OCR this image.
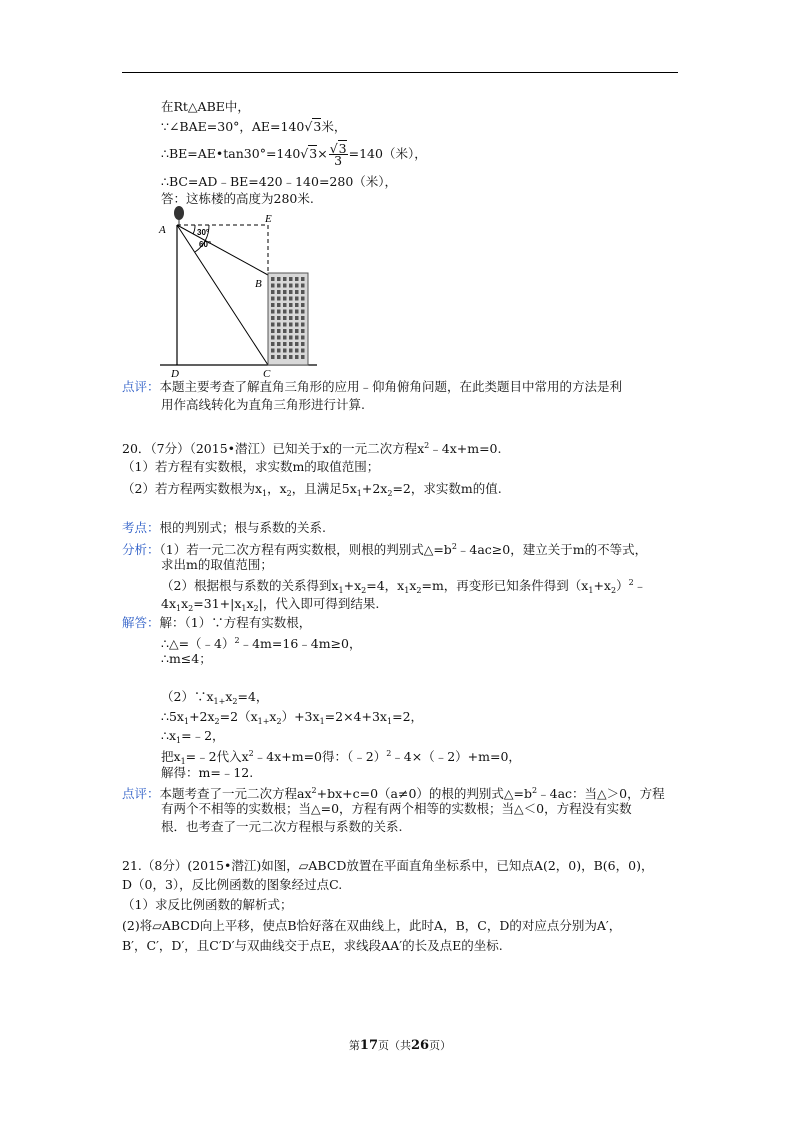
在Rt△ABE中，
∵∠BAE=30°，AE=140√3米，
∴BE=AE•tan30°=140√3× $\frac{√3}{3} =140$（米），
∴BC=AD﹣BE=420﹣140=280（米），
答：这栋楼的高度为280米.
A
E
B
D	C
30°
60°
点评：本题主要考查了解直角三角形的应用﹣仰角俯角问题，在此类题目中常用的方法是利
用作高线转化为直角三角形进行计算.
20．（7分）（2015•潜江）已知关于x的一元二次方程$x^2﹣4x+m=0$.
（1）若方程有实数根，求实数m的取值范围；
（2）若方程两实数根为$x_1$，$x_2$，且满足$5x_1+2x_2=2$，求实数m的值.
考点：根的判别式；根与系数的关系.
分析：（1）若一元二次方程有两实数根，则根的判别式$\triangle=b^2﹣4ac\ge 0$，建立关于m的不等式，
求出m的取值范围；
（2）根据根与系数的关系得到$x_1+x_2=4$，$x_1x_2=m$，再变形已知条件得到$(x_1+x_2)^2﹣$
$4x_1x_2=31+|x_1x_2|$，代入即可得到结果.
解答：解：（1）∵方程有实数根，
∴△=（﹣4）$^2$﹣4m=16﹣4m≥0，
∴m≤4；
$(2)\because x_{1+}x_2=4$，
$\therefore 5x_1+2x_2=2(x_{1+}x_2)+3x_1=2\times 4+3x_1=2$，
$\therefore x_1=﹣2$，
把$x_1=﹣2$代入$x^2﹣4x+m=0$得：（﹣2）$^2$﹣4×（﹣2）+m=0，
解得：m=﹣12.
点评：本题考查了一元二次方程$ax^2+bx+c=0(a\ne 0)$的根的判别式$\triangle=b^2﹣4ac$：当△＞0，方程
有两个不相等的实数根；当△=0，方程有两个相等的实数根；当△＜0，方程没有实数
根．也考查了一元二次方程根与系数的关系.
21.（8分）(2015•潜江)如图，▱ABCD放置在平面直角坐标系中，已知点A(2，0)，B(6，0)，
D（0，3），反比例函数的图象经过点C.
（1）求反比例函数的解析式；
(2)将▱ABCD向上平移，使点B恰好落在双曲线上，此时A，B，C，D的对应点分别为A′，
B′，C′，D′，且C′D′与双曲线交于点E，求线段AA′的长及点E的坐标.
第17页（共26页）
